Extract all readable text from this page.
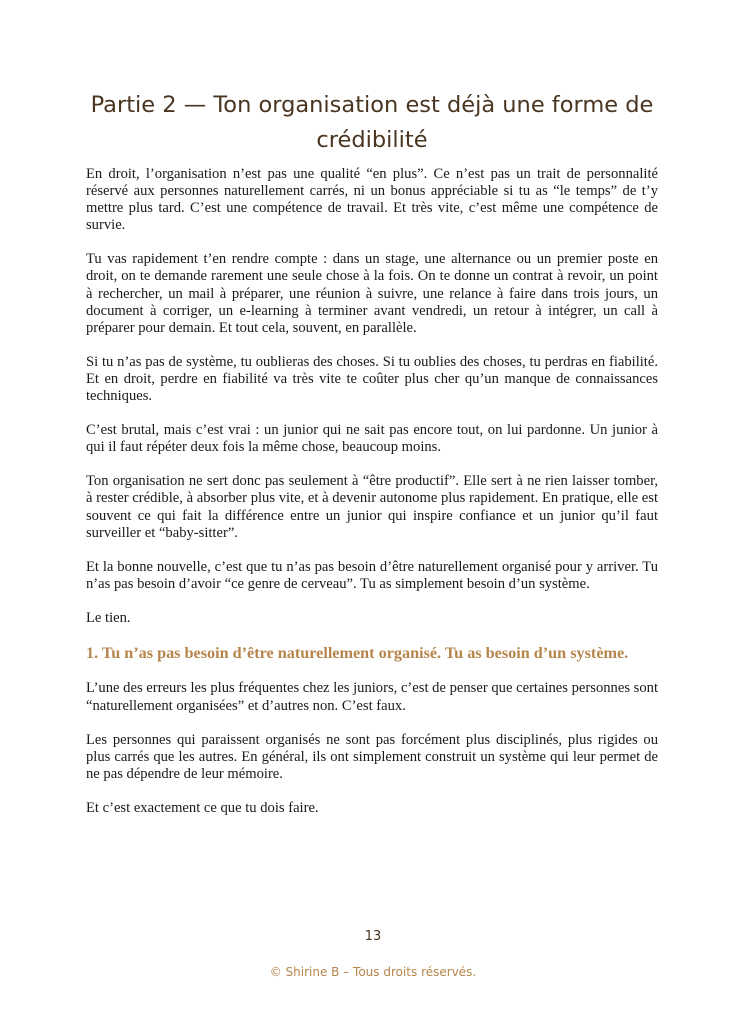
Partie 2 — Ton organisation est déjà une forme de crédibilité

En droit, l’organisation n’est pas une qualité “en plus”. Ce n’est pas un trait de personnalité réservé aux personnes naturellement carrés, ni un bonus appréciable si tu as “le temps” de t’y mettre plus tard. C’est une compétence de travail. Et très vite, c’est même une compétence de survie.

Tu vas rapidement t’en rendre compte : dans un stage, une alternance ou un premier poste en droit, on te demande rarement une seule chose à la fois. On te donne un contrat à revoir, un point à rechercher, un mail à préparer, une réunion à suivre, une relance à faire dans trois jours, un document à corriger, un e-learning à terminer avant vendredi, un retour à intégrer, un call à préparer pour demain. Et tout cela, souvent, en parallèle.

Si tu n’as pas de système, tu oublieras des choses. Si tu oublies des choses, tu perdras en fiabilité. Et en droit, perdre en fiabilité va très vite te coûter plus cher qu’un manque de connaissances techniques.

C’est brutal, mais c’est vrai : un junior qui ne sait pas encore tout, on lui pardonne. Un junior à qui il faut répéter deux fois la même chose, beaucoup moins.

Ton organisation ne sert donc pas seulement à “être productif”. Elle sert à ne rien laisser tomber, à rester crédible, à absorber plus vite, et à devenir autonome plus rapidement. En pratique, elle est souvent ce qui fait la différence entre un junior qui inspire confiance et un junior qu’il faut surveiller et “baby-sitter”.

Et la bonne nouvelle, c’est que tu n’as pas besoin d’être naturellement organisé pour y arriver. Tu n’as pas besoin d’avoir “ce genre de cerveau”. Tu as simplement besoin d’un système.

Le tien.

1. Tu n’as pas besoin d’être naturellement organisé. Tu as besoin d’un système.

L’une des erreurs les plus fréquentes chez les juniors, c’est de penser que certaines personnes sont “naturellement organisées” et d’autres non. C’est faux.

Les personnes qui paraissent organisés ne sont pas forcément plus disciplinés, plus rigides ou plus carrés que les autres. En général, ils ont simplement construit un système qui leur permet de ne pas dépendre de leur mémoire.

Et c’est exactement ce que tu dois faire.

13
© Shirine B – Tous droits réservés.
